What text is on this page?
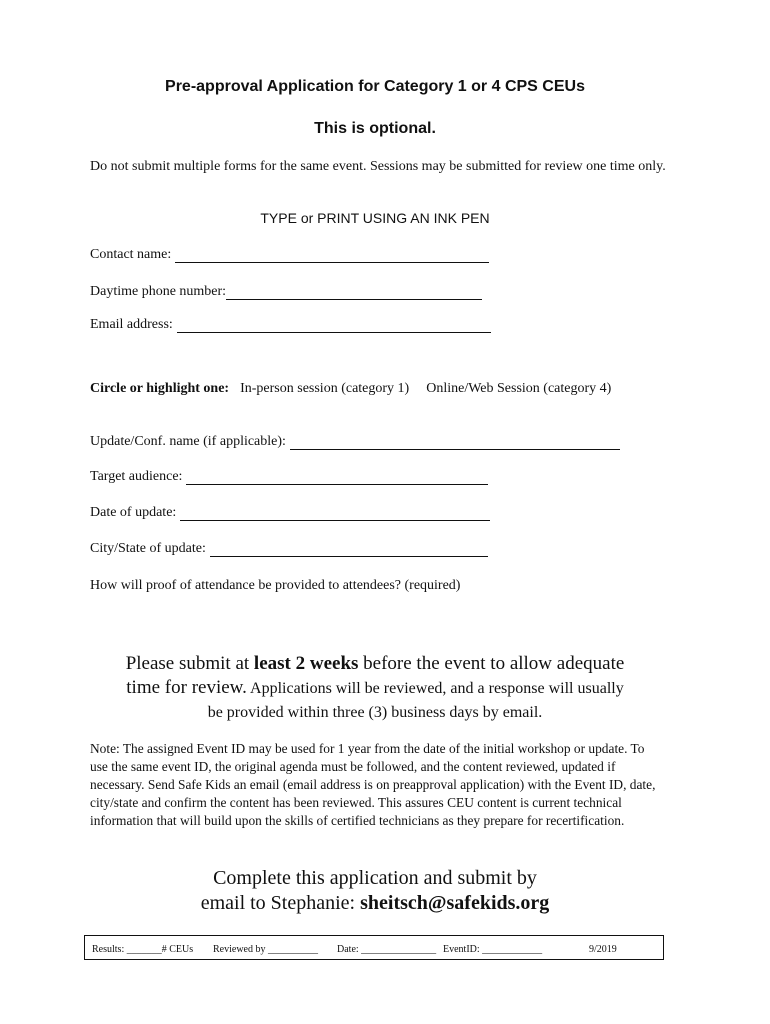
Pre-approval Application for Category 1 or 4 CPS CEUs
This is optional.
Do not submit multiple forms for the same event. Sessions may be submitted for review one time only.
TYPE or PRINT USING AN INK PEN
Contact name:
Daytime phone number:
Email address:
Circle or highlight one: In-person session (category 1) Online/Web Session (category 4)
Update/Conf. name (if applicable):
Target audience:
Date of update:
City/State of update:
How will proof of attendance be provided to attendees? (required)
Please submit at least 2 weeks before the event to allow adequate
time for review. Applications will be reviewed, and a response will usually
be provided within three (3) business days by email.
Note: The assigned Event ID may be used for 1 year from the date of the initial workshop or update. To use the same event ID, the original agenda must be followed, and the content reviewed, updated if necessary. Send Safe Kids an email (email address is on preapproval application) with the Event ID, date, city/state and confirm the content has been reviewed. This assures CEU content is current technical information that will build upon the skills of certified technicians as they prepare for recertification.
Complete this application and submit by
email to Stephanie: sheitsch@safekids.org
Results: _______# CEUs Reviewed by __________ Date: _______________ EventID: ____________	9/2019
